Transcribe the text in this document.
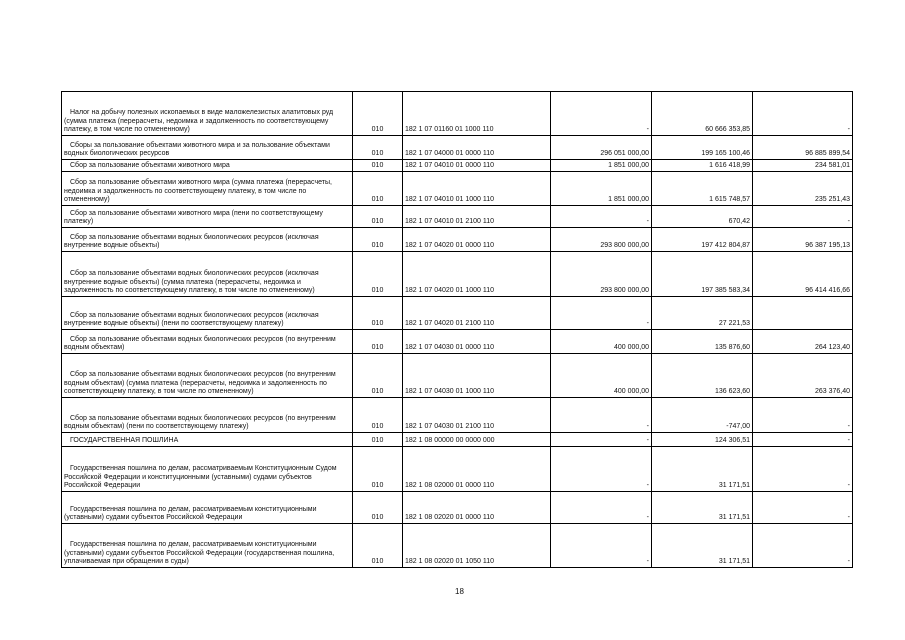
Налог на добычу полезных ископаемых в виде маложелезистых алатитовых руд (сумма платежа (перерасчеты, недоимка и задолженность по соответствующему платежу, в том числе по отмененному)	010	182 1 07 01160 01 1000 110	-	60 666 353,85	-

Сборы за пользование объектами животного мира и за пользование объектами водных биологических ресурсов	010	182 1 07 04000 01 0000 110	296 051 000,00	199 165 100,46	96 885 899,54

Сбор за пользование объектами животного мира	010	182 1 07 04010 01 0000 110	1 851 000,00	1 616 418,99	234 581,01

Сбор за пользование объектами животного мира (сумма платежа (перерасчеты, недоимка и задолженность по соответствующему платежу, в том числе по отмененному)	010	182 1 07 04010 01 1000 110	1 851 000,00	1 615 748,57	235 251,43

Сбор за пользование объектами животного мира (пени по соответствующему платежу)	010	182 1 07 04010 01 2100 110	-	670,42	-

Сбор за пользование объектами водных биологических ресурсов (исключая внутренние водные объекты)	010	182 1 07 04020 01 0000 110	293 800 000,00	197 412 804,87	96 387 195,13

Сбор за пользование объектами водных биологических ресурсов (исключая внутренние водные объекты) (сумма платежа (перерасчеты, недоимка и задолженность по соответствующему платежу, в том числе по отмененному)	010	182 1 07 04020 01 1000 110	293 800 000,00	197 385 583,34	96 414 416,66

Сбор за пользование объектами водных биологических ресурсов (исключая внутренние водные объекты) (пени по соответствующему платежу)	010	182 1 07 04020 01 2100 110	-	27 221,53	

Сбор за пользование объектами водных биологических ресурсов (по внутренним водным объектам)	010	182 1 07 04030 01 0000 110	400 000,00	135 876,60	264 123,40

Сбор за пользование объектами водных биологических ресурсов (по внутренним водным объектам) (сумма платежа (перерасчеты, недоимка и задолженность по соответствующему платежу, в том числе по отмененному)	010	182 1 07 04030 01 1000 110	400 000,00	136 623,60	263 376,40

Сбор за пользование объектами водных биологических ресурсов (по внутренним водным объектам) (пени по соответствующему платежу)	010	182 1 07 04030 01 2100 110	-	-747,00	-

ГОСУДАРСТВЕННАЯ ПОШЛИНА	010	182 1 08 00000 00 0000 000	-	124 306,51	-

Государственная пошлина по делам, рассматриваемым Конституционным Судом Российской Федерации и конституционными (уставными) судами субъектов Российской Федерации	010	182 1 08 02000 01 0000 110	-	31 171,51	-

Государственная пошлина по делам, рассматриваемым конституционными (уставными) судами субъектов Российской Федерации	010	182 1 08 02020 01 0000 110	-	31 171,51	-

Государственная пошлина по делам, рассматриваемым конституционными (уставными) судами субъектов Российской Федерации (государственная пошлина, уплачиваемая при обращении в суды)	010	182 1 08 02020 01 1050 110	-	31 171,51	-
18
